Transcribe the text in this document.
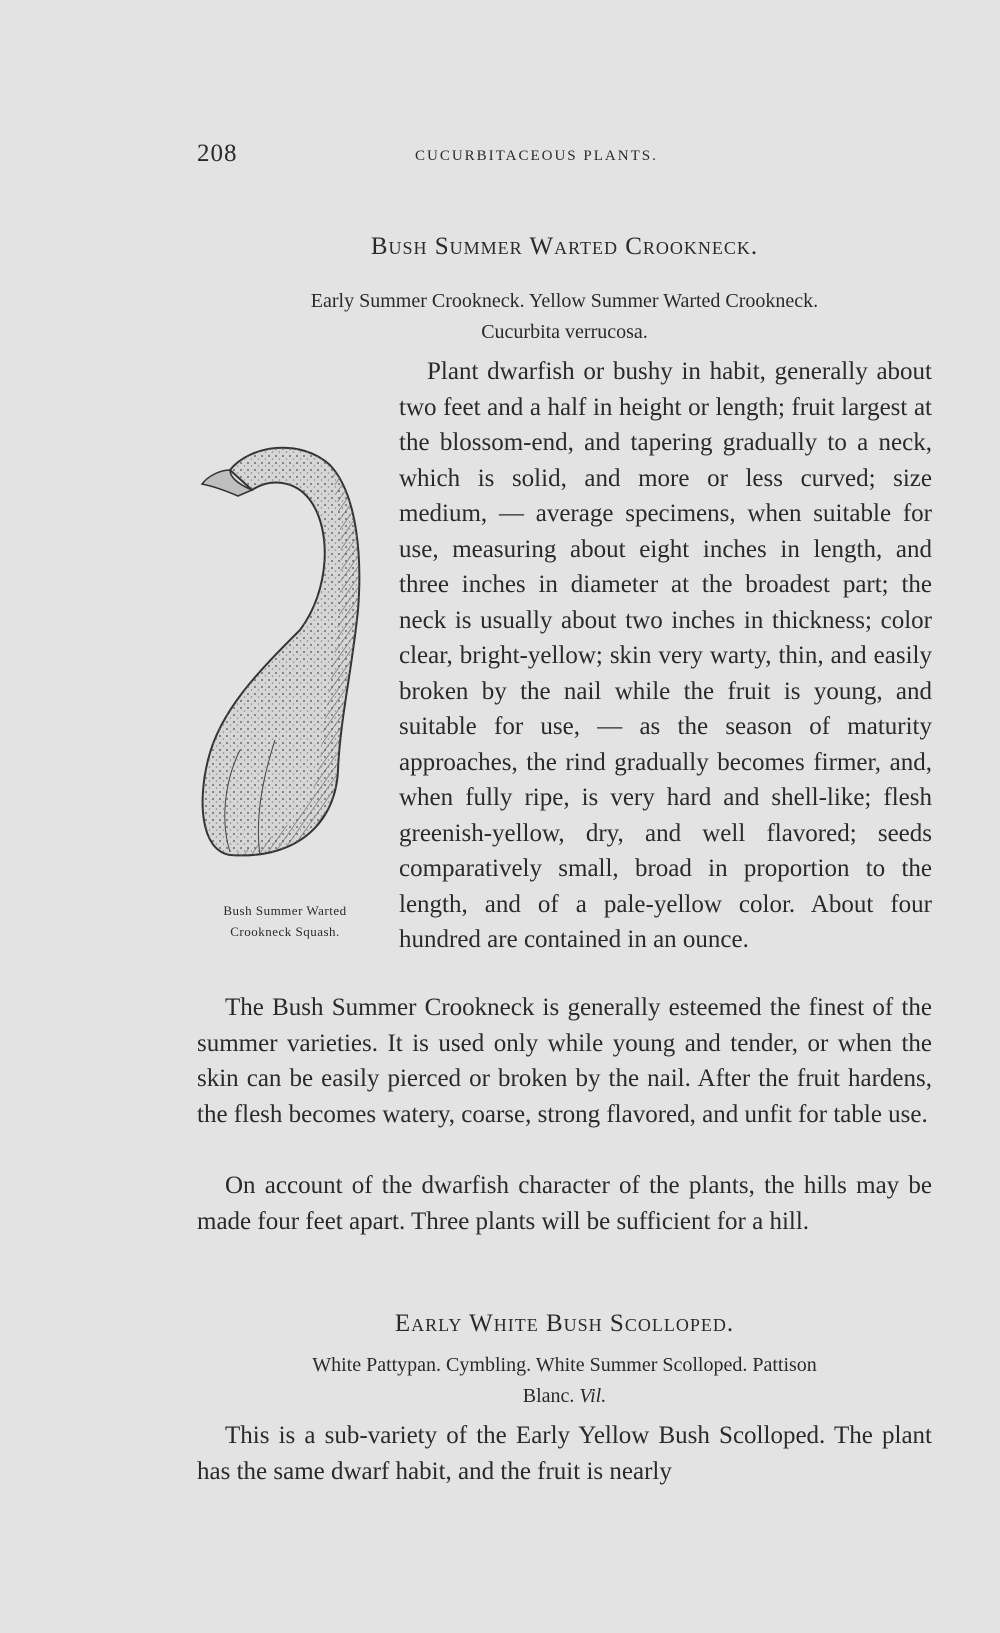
208	CUCURBITACEOUS PLANTS.
Bush Summer Warted Crookneck.
Early Summer Crookneck. Yellow Summer Warted Crookneck.
Cucurbita verrucosa.
Plant dwarfish or bushy in habit, generally about two feet and a half in height or length; fruit largest at the blossom-end, and tapering gradually to a neck, which is solid, and more or less curved; size medium, — average specimens, when suitable for use, measuring about eight inches in length, and three inches in diameter at the broadest part; the neck is usually about two inches in thickness; color clear, bright-yellow; skin very warty, thin, and easily broken by the nail while the fruit is young, and suitable for use, — as the season of maturity approaches, the rind gradually becomes firmer, and, when fully ripe, is very hard and shell-like; flesh greenish-yellow, dry, and well flavored; seeds comparatively small, broad in proportion to the length, and of a pale-yellow color. About four hundred are contained in an ounce.
Bush Summer Warted
Crookneck Squash.
The Bush Summer Crookneck is generally esteemed the finest of the summer varieties. It is used only while young and tender, or when the skin can be easily pierced or broken by the nail. After the fruit hardens, the flesh becomes watery, coarse, strong flavored, and unfit for table use.
On account of the dwarfish character of the plants, the hills may be made four feet apart. Three plants will be sufficient for a hill.
Early White Bush Scolloped.
White Pattypan. Cymbling. White Summer Scolloped. Pattison
Blanc. Vil.
This is a sub-variety of the Early Yellow Bush Scolloped. The plant has the same dwarf habit, and the fruit is nearly
